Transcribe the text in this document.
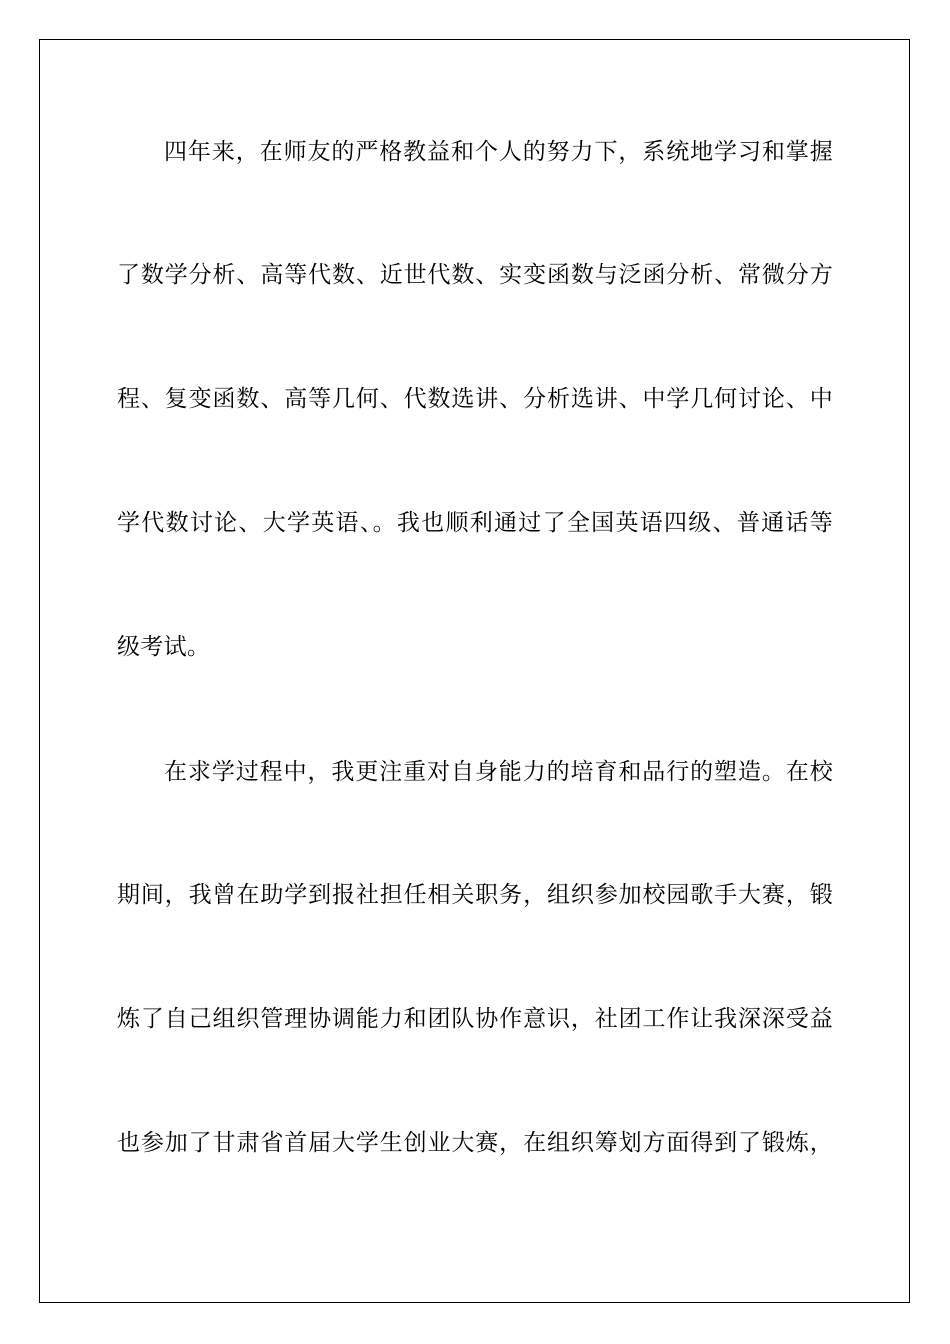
四年来，在师友的严格教益和个人的努力下，系统地学习和掌握
了数学分析、高等代数、近世代数、实变函数与泛函分析、常微分方
程、复变函数、高等几何、代数选讲、分析选讲、中学几何讨论、中
学代数讨论、大学英语、。我也顺利通过了全国英语四级、普通话等
级考试。
在求学过程中，我更注重对自身能力的培育和品行的塑造。在校
期间，我曾在助学到报社担任相关职务，组织参加校园歌手大赛，锻
炼了自己组织管理协调能力和团队协作意识，社团工作让我深深受益
也参加了甘肃省首届大学生创业大赛，在组织筹划方面得到了锻炼，
